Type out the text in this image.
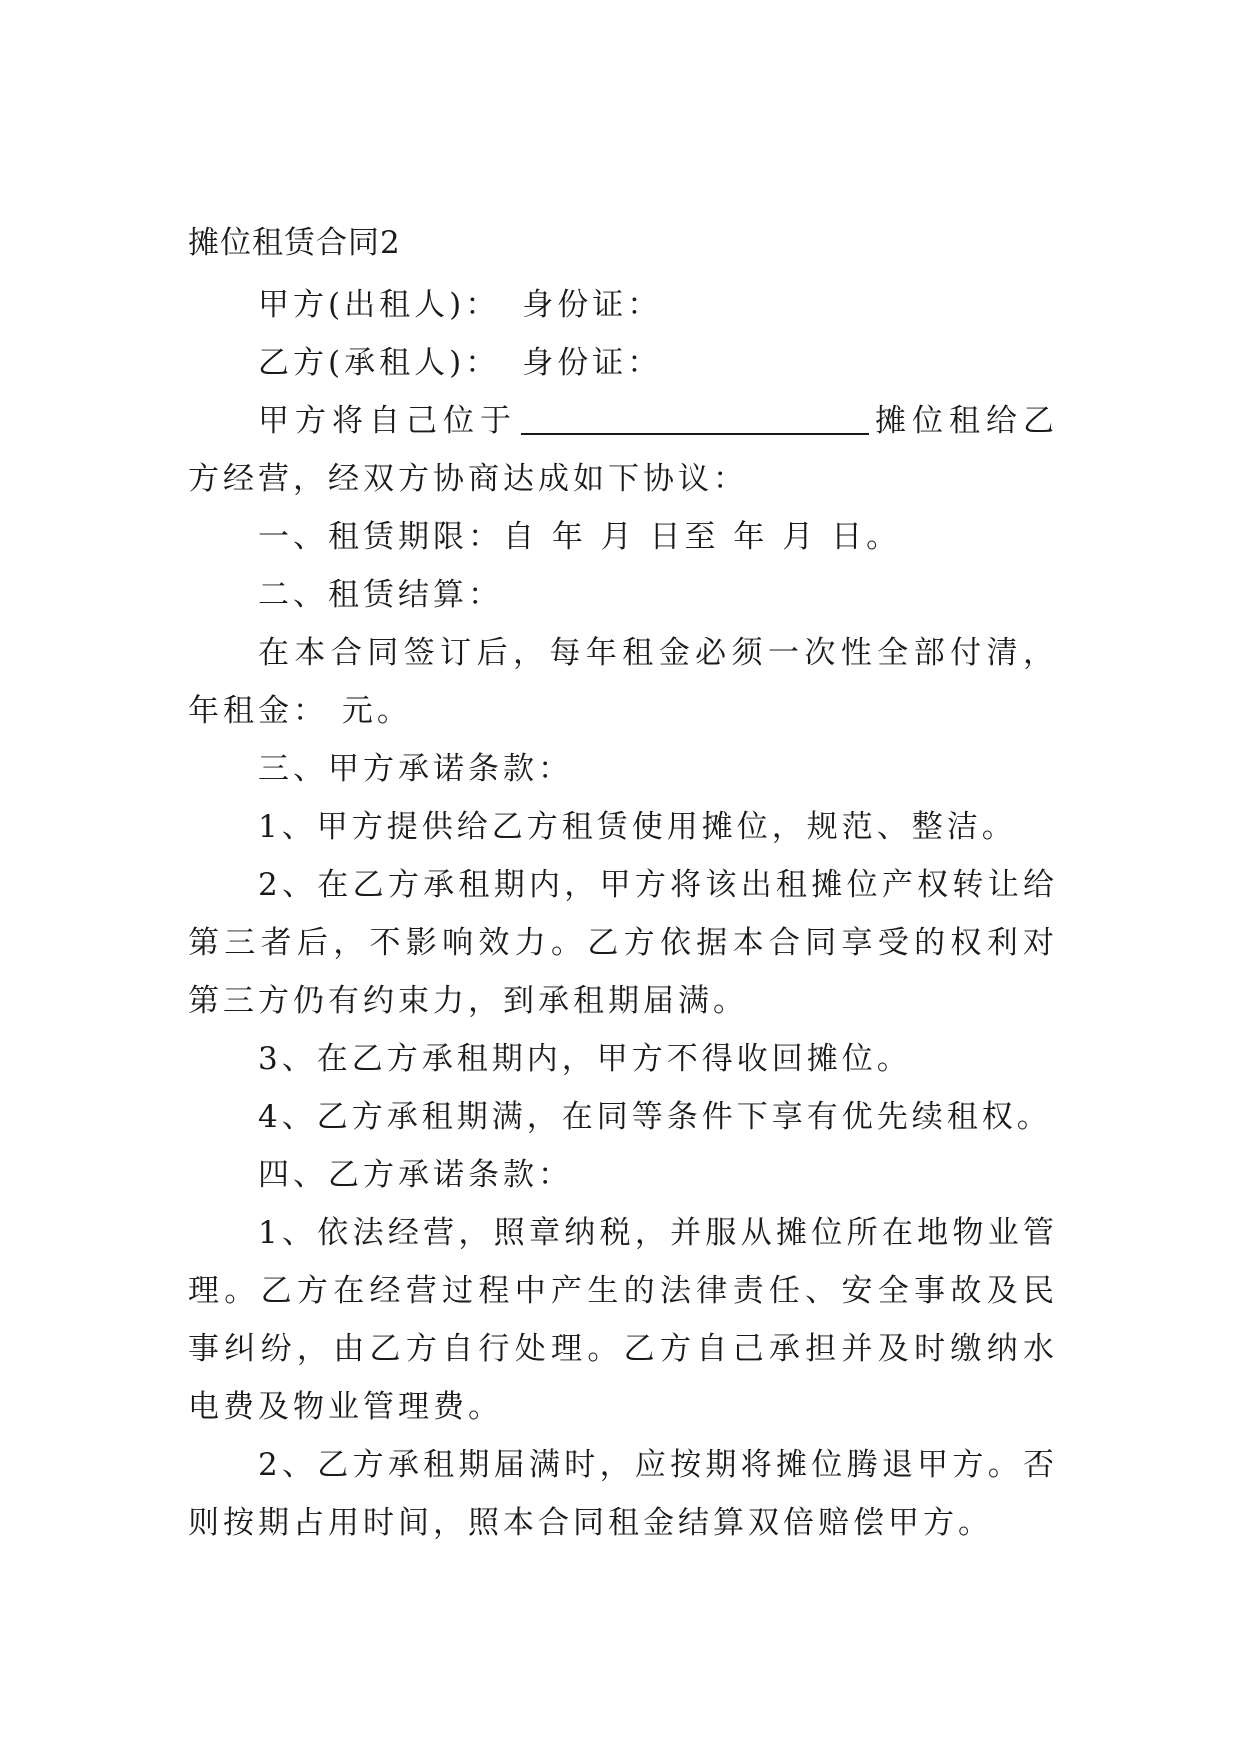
摊位租赁合同2

甲方(出租人)： 身份证：

乙方(承租人)： 身份证：

甲方将自己位于	摊位租给乙方经营，经双方协商达成如下协议：

一、租赁期限：自 年 月 日至 年 月 日。

二、租赁结算：

在本合同签订后，每年租金必须一次性全部付清，年租金： 元。

三、甲方承诺条款：

1、甲方提供给乙方租赁使用摊位，规范、整洁。

2、在乙方承租期内，甲方将该出租摊位产权转让给第三者后，不影响效力。乙方依据本合同享受的权利对第三方仍有约束力，到承租期届满。

3、在乙方承租期内，甲方不得收回摊位。

4、乙方承租期满，在同等条件下享有优先续租权。

四、乙方承诺条款：

1、依法经营，照章纳税，并服从摊位所在地物业管理。乙方在经营过程中产生的法律责任、安全事故及民事纠纷，由乙方自行处理。乙方自己承担并及时缴纳水电费及物业管理费。

2、乙方承租期届满时，应按期将摊位腾退甲方。否则按期占用时间，照本合同租金结算双倍赔偿甲方。
